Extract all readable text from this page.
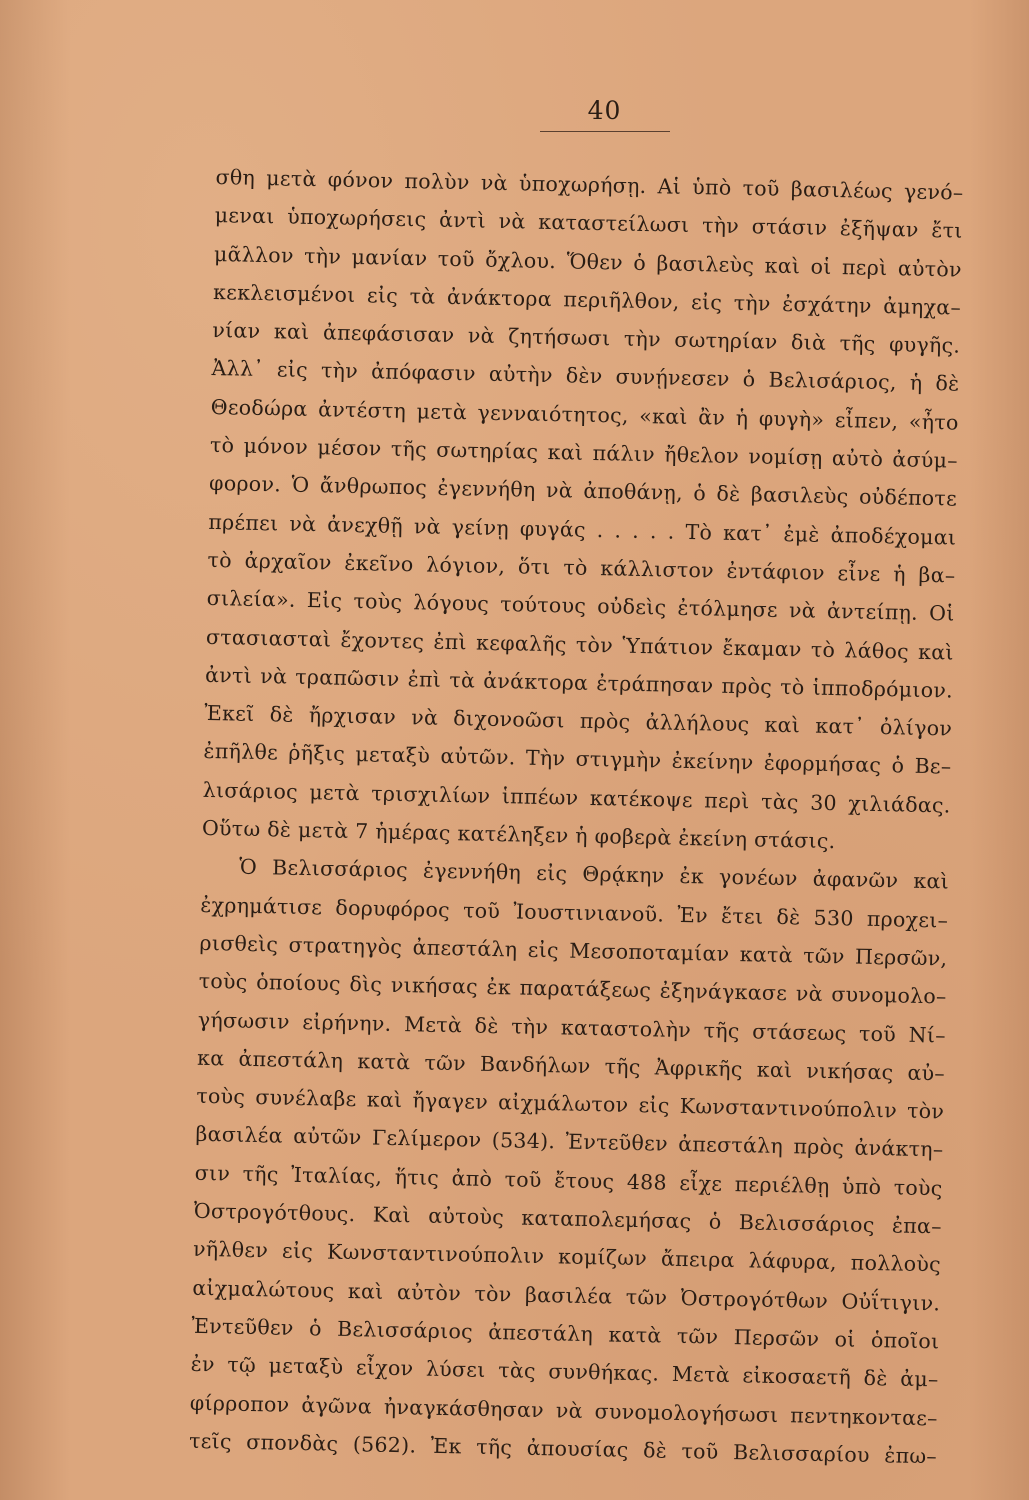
40
σθη μετὰ φόνον πολὺν νὰ ὑποχωρήσῃ. Αἱ ὑπὸ τοῦ βασιλέως γενό–
μεναι ὑποχωρήσεις ἀντὶ νὰ καταστείλωσι τὴν στάσιν ἐξῆψαν ἔτι
μᾶλλον τὴν μανίαν τοῦ ὄχλου. Ὅθεν ὁ βασιλεὺς καὶ οἱ περὶ αὐτὸν
κεκλεισμένοι εἰς τὰ ἀνάκτορα περιῆλθον, εἰς τὴν ἐσχάτην ἀμηχα–
νίαν καὶ ἀπεφάσισαν νὰ ζητήσωσι τὴν σωτηρίαν διὰ τῆς φυγῆς.
Ἀλλ᾽ εἰς τὴν ἀπόφασιν αὐτὴν δὲν συνῄνεσεν ὁ Βελισάριος, ἡ δὲ
Θεοδώρα ἀντέστη μετὰ γενναιότητος, «καὶ ἂν ἡ φυγὴ» εἶπεν, «ἦτο
τὸ μόνον μέσον τῆς σωτηρίας καὶ πάλιν ἤθελον νομίσῃ αὐτὸ ἀσύμ–
φορον. Ὁ ἄνθρωπος ἐγεννήθη νὰ ἀποθάνῃ, ὁ δὲ βασιλεὺς οὐδέποτε
πρέπει νὰ ἀνεχθῇ νὰ γείνῃ φυγάς . . . . . Τὸ κατ᾽ ἐμὲ ἀποδέχομαι
τὸ ἀρχαῖον ἐκεῖνο λόγιον, ὅτι τὸ κάλλιστον ἐντάφιον εἶνε ἡ βα–
σιλεία». Εἰς τοὺς λόγους τούτους οὐδεὶς ἐτόλμησε νὰ ἀντείπῃ. Οἱ
στασιασταὶ ἔχοντες ἐπὶ κεφαλῆς τὸν Ὑπάτιον ἔκαμαν τὸ λάθος καὶ
ἀντὶ νὰ τραπῶσιν ἐπὶ τὰ ἀνάκτορα ἐτράπησαν πρὸς τὸ ἱπποδρόμιον.
Ἐκεῖ δὲ ἤρχισαν νὰ διχονοῶσι πρὸς ἀλλήλους καὶ κατ᾽ ὀλίγον
ἐπῆλθε ῥῆξις μεταξὺ αὐτῶν. Τὴν στιγμὴν ἐκείνην ἐφορμήσας ὁ Βε–
λισάριος μετὰ τρισχιλίων ἱππέων κατέκοψε περὶ τὰς 30 χιλιάδας.
Οὕτω δὲ μετὰ 7 ἡμέρας κατέληξεν ἡ φοβερὰ ἐκείνη στάσις.
Ὁ Βελισσάριος ἐγεννήθη εἰς Θρᾴκην ἐκ γονέων ἀφανῶν καὶ
ἐχρημάτισε δορυφόρος τοῦ Ἰουστινιανοῦ. Ἐν ἔτει δὲ 530 προχει–
ρισθεὶς στρατηγὸς ἀπεστάλη εἰς Μεσοποταμίαν κατὰ τῶν Περσῶν,
τοὺς ὁποίους δὶς νικήσας ἐκ παρατάξεως ἐξηνάγκασε νὰ συνομολο–
γήσωσιν εἰρήνην. Μετὰ δὲ τὴν καταστολὴν τῆς στάσεως τοῦ Νί–
κα ἀπεστάλη κατὰ τῶν Βανδήλων τῆς Ἀφρικῆς καὶ νικήσας αὐ–
τοὺς συνέλαβε καὶ ἤγαγεν αἰχμάλωτον εἰς Κωνσταντινούπολιν τὸν
βασιλέα αὐτῶν Γελίμερον (534). Ἐντεῦθεν ἀπεστάλη πρὸς ἀνάκτη–
σιν τῆς Ἰταλίας, ἥτις ἀπὸ τοῦ ἔτους 488 εἶχε περιέλθῃ ὑπὸ τοὺς
Ὀστρογότθους. Καὶ αὐτοὺς καταπολεμήσας ὁ Βελισσάριος ἐπα–
νῆλθεν εἰς Κωνσταντινούπολιν κομίζων ἄπειρα λάφυρα, πολλοὺς
αἰχμαλώτους καὶ αὐτὸν τὸν βασιλέα τῶν Ὀστρογότθων Οὐΐτιγιν.
Ἐντεῦθεν ὁ Βελισσάριος ἀπεστάλη κατὰ τῶν Περσῶν οἱ ὁποῖοι
ἐν τῷ μεταξὺ εἶχον λύσει τὰς συνθήκας. Μετὰ εἰκοσαετῆ δὲ ἀμ–
φίρροπον ἀγῶνα ἠναγκάσθησαν νὰ συνομολογήσωσι πεντηκονταε–
τεῖς σπονδὰς (562). Ἐκ τῆς ἀπουσίας δὲ τοῦ Βελισσαρίου ἐπω–
